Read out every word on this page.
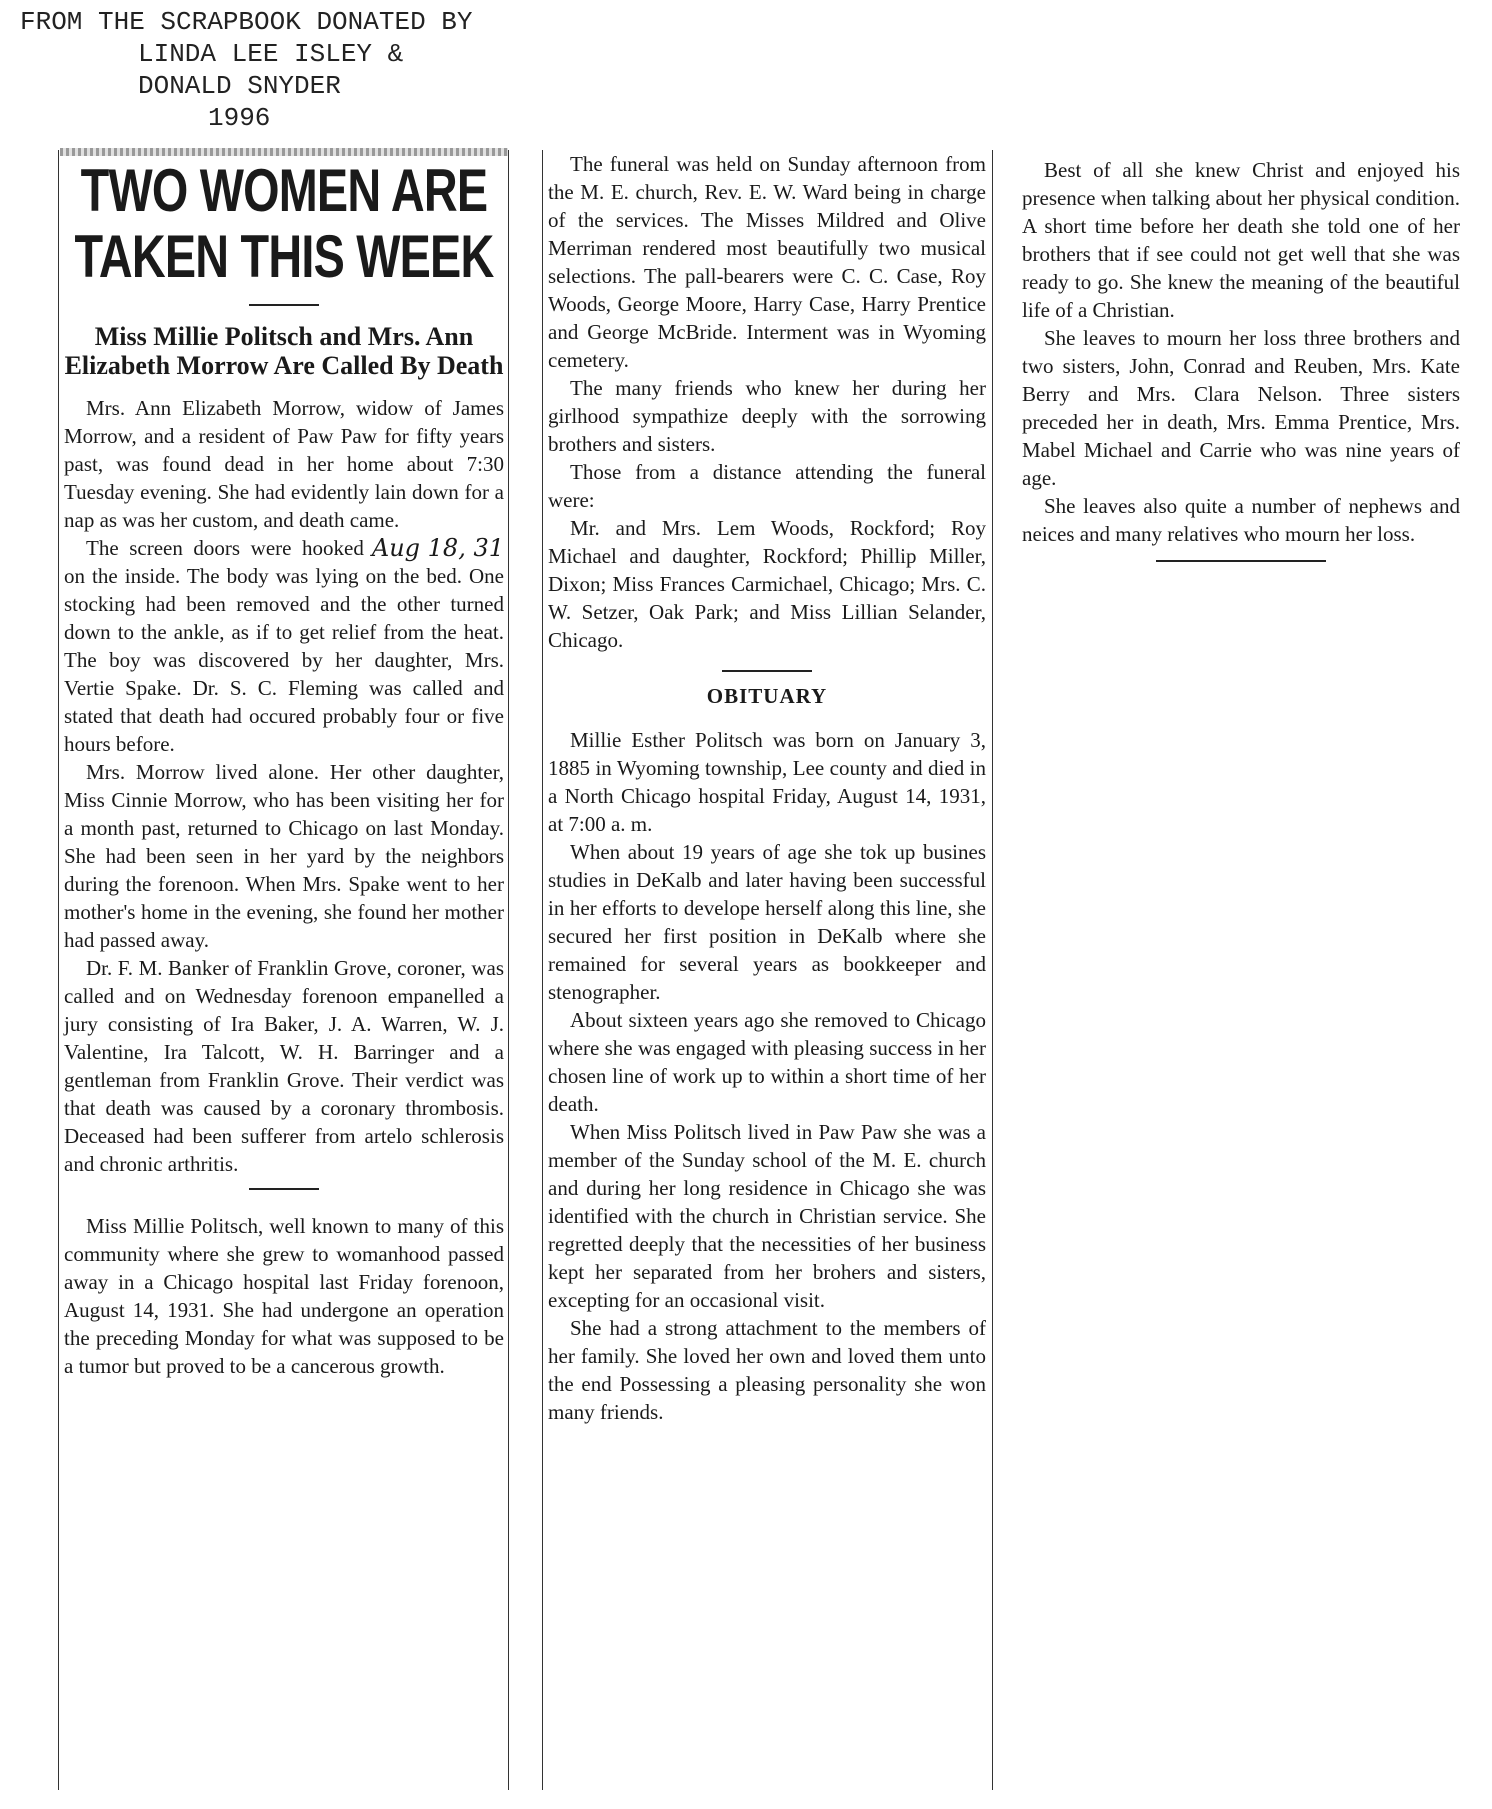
FROM THE SCRAPBOOK DONATED BY
LINDA LEE ISLEY &
DONALD SNYDER
1996
TWO WOMEN ARE
TAKEN THIS WEEK
Miss Millie Politsch and Mrs. Ann Elizabeth Morrow Are Called By Death

Mrs. Ann Elizabeth Morrow, widow of James Morrow, and a resident of Paw Paw for fifty years past, was found dead in her home about 7:30 Tuesday evening. She had evidently lain down for a nap as was her custom, and death came.

Aug 18, 31

The screen doors were hooked on the inside. The body was lying on the bed. One stocking had been removed and the other turned down to the ankle, as if to get relief from the heat. The boy was discovered by her daughter, Mrs. Vertie Spake. Dr. S. C. Fleming was called and stated that death had occured probably four or five hours before.

Mrs. Morrow lived alone. Her other daughter, Miss Cinnie Morrow, who has been visiting her for a month past, returned to Chicago on last Monday. She had been seen in her yard by the neighbors during the forenoon. When Mrs. Spake went to her mother's home in the evening, she found her mother had passed away.

Dr. F. M. Banker of Franklin Grove, coroner, was called and on Wednesday forenoon empanelled a jury consisting of Ira Baker, J. A. Warren, W. J. Valentine, Ira Talcott, W. H. Barringer and a gentleman from Franklin Grove. Their verdict was that death was caused by a coronary thrombosis. Deceased had been sufferer from artelo schlerosis and chronic arthritis.

Miss Millie Politsch, well known to many of this community where she grew to womanhood passed away in a Chicago hospital last Friday forenoon, August 14, 1931. She had undergone an operation the preceding Monday for what was supposed to be a tumor but proved to be a cancerous growth.

The funeral was held on Sunday afternoon from the M. E. church, Rev. E. W. Ward being in charge of the services. The Misses Mildred and Olive Merriman rendered most beautifully two musical selections. The pall-bearers were C. C. Case, Roy Woods, George Moore, Harry Case, Harry Prentice and George McBride. Interment was in Wyoming cemetery.

The many friends who knew her during her girlhood sympathize deeply with the sorrowing brothers and sisters.

Those from a distance attending the funeral were:

Mr. and Mrs. Lem Woods, Rockford; Roy Michael and daughter, Rockford; Phillip Miller, Dixon; Miss Frances Carmichael, Chicago; Mrs. C. W. Setzer, Oak Park; and Miss Lillian Selander, Chicago.

OBITUARY

Millie Esther Politsch was born on January 3, 1885 in Wyoming township, Lee county and died in a North Chicago hospital Friday, August 14, 1931, at 7:00 a. m.

When about 19 years of age she tok up busines studies in DeKalb and later having been successful in her efforts to develope herself along this line, she secured her first position in DeKalb where she remained for several years as bookkeeper and stenographer.

About sixteen years ago she removed to Chicago where she was engaged with pleasing success in her chosen line of work up to within a short time of her death.

When Miss Politsch lived in Paw Paw she was a member of the Sunday school of the M. E. church and during her long residence in Chicago she was identified with the church in Christian service. She regretted deeply that the necessities of her business kept her separated from her brohers and sisters, excepting for an occasional visit.

She had a strong attachment to the members of her family. She loved her own and loved them unto the end Possessing a pleasing personality she won many friends.

Best of all she knew Christ and enjoyed his presence when talking about her physical condition. A short time before her death she told one of her brothers that if see could not get well that she was ready to go. She knew the meaning of the beautiful life of a Christian.

She leaves to mourn her loss three brothers and two sisters, John, Conrad and Reuben, Mrs. Kate Berry and Mrs. Clara Nelson. Three sisters preceded her in death, Mrs. Emma Prentice, Mrs. Mabel Michael and Carrie who was nine years of age.

She leaves also quite a number of nephews and neices and many relatives who mourn her loss.
